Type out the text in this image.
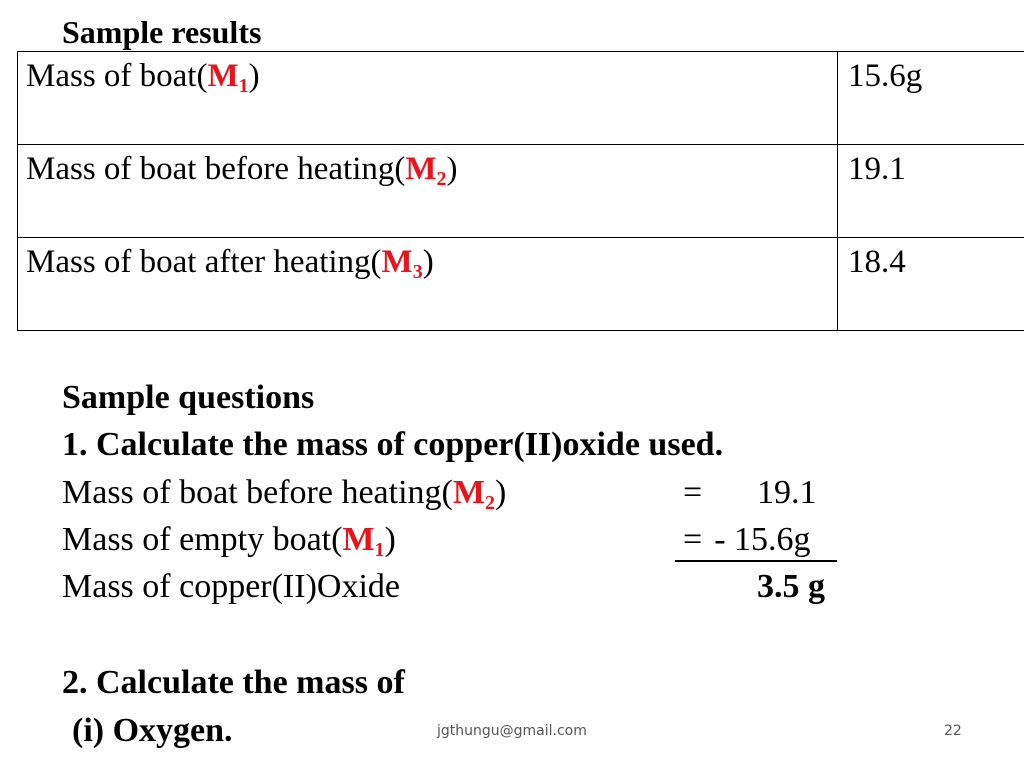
Sample results
Mass of $boat(M_1)$	15.6g
Mass of boat before $heating(M_2)$	19.1
Mass of boat after $heating(M_3)$	18.4
Sample questions
1. Calculate the mass of copper(II)oxide used.
Mass of boat before $heating(M_2)$	= 19.1
Mass of empty $boat(M_1)$	= - 15.6g
Mass of copper(II)Oxide	3.5 g
2. Calculate the mass of
(i) Oxygen.	jgthungu@gmail.com	22
